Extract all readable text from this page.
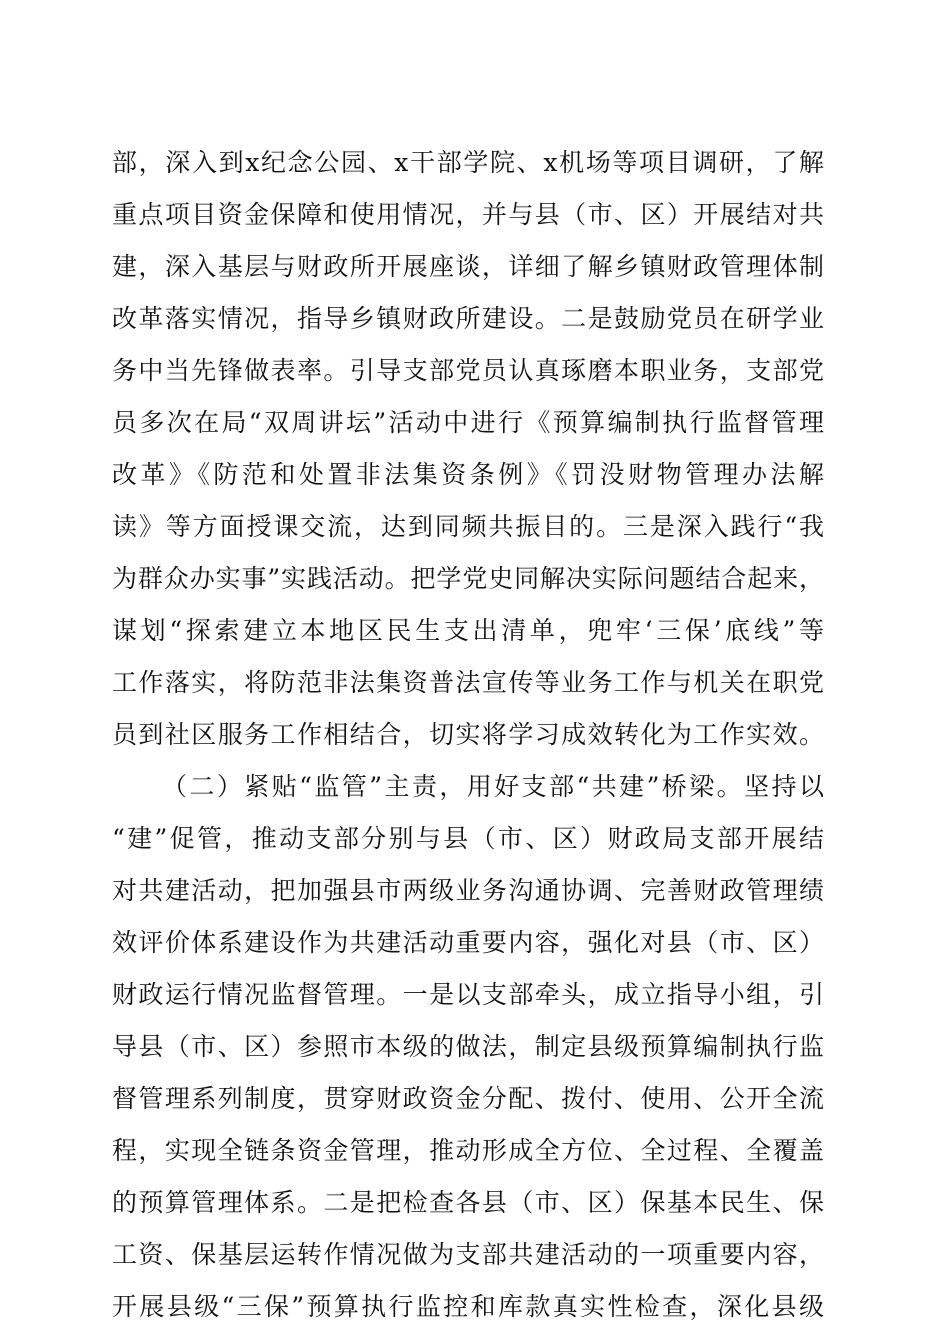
部，深入到x纪念公园、x干部学院、x机场等项目调研，了解
重点项目资金保障和使用情况，并与县（市、区）开展结对共
建，深入基层与财政所开展座谈，详细了解乡镇财政管理体制
改革落实情况，指导乡镇财政所建设。二是鼓励党员在研学业
务中当先锋做表率。引导支部党员认真琢磨本职业务，支部党
员多次在局“双周讲坛”活动中进行《预算编制执行监督管理
改革》《防范和处置非法集资条例》《罚没财物管理办法解
读》等方面授课交流，达到同频共振目的。三是深入践行“我
为群众办实事”实践活动。把学党史同解决实际问题结合起来，
谋划“探索建立本地区民生支出清单，兜牢‘三保’底线”等
工作落实，将防范非法集资普法宣传等业务工作与机关在职党
员到社区服务工作相结合，切实将学习成效转化为工作实效。
（二）紧贴“监管”主责，用好支部“共建”桥梁。坚持以
“建”促管，推动支部分别与县（市、区）财政局支部开展结
对共建活动，把加强县市两级业务沟通协调、完善财政管理绩
效评价体系建设作为共建活动重要内容，强化对县（市、区）
财政运行情况监督管理。一是以支部牵头，成立指导小组，引
导县（市、区）参照市本级的做法，制定县级预算编制执行监
督管理系列制度，贯穿财政资金分配、拨付、使用、公开全流
程，实现全链条资金管理，推动形成全方位、全过程、全覆盖
的预算管理体系。二是把检查各县（市、区）保基本民生、保
工资、保基层运转作情况做为支部共建活动的一项重要内容，
开展县级“三保”预算执行监控和库款真实性检查，深化县级
